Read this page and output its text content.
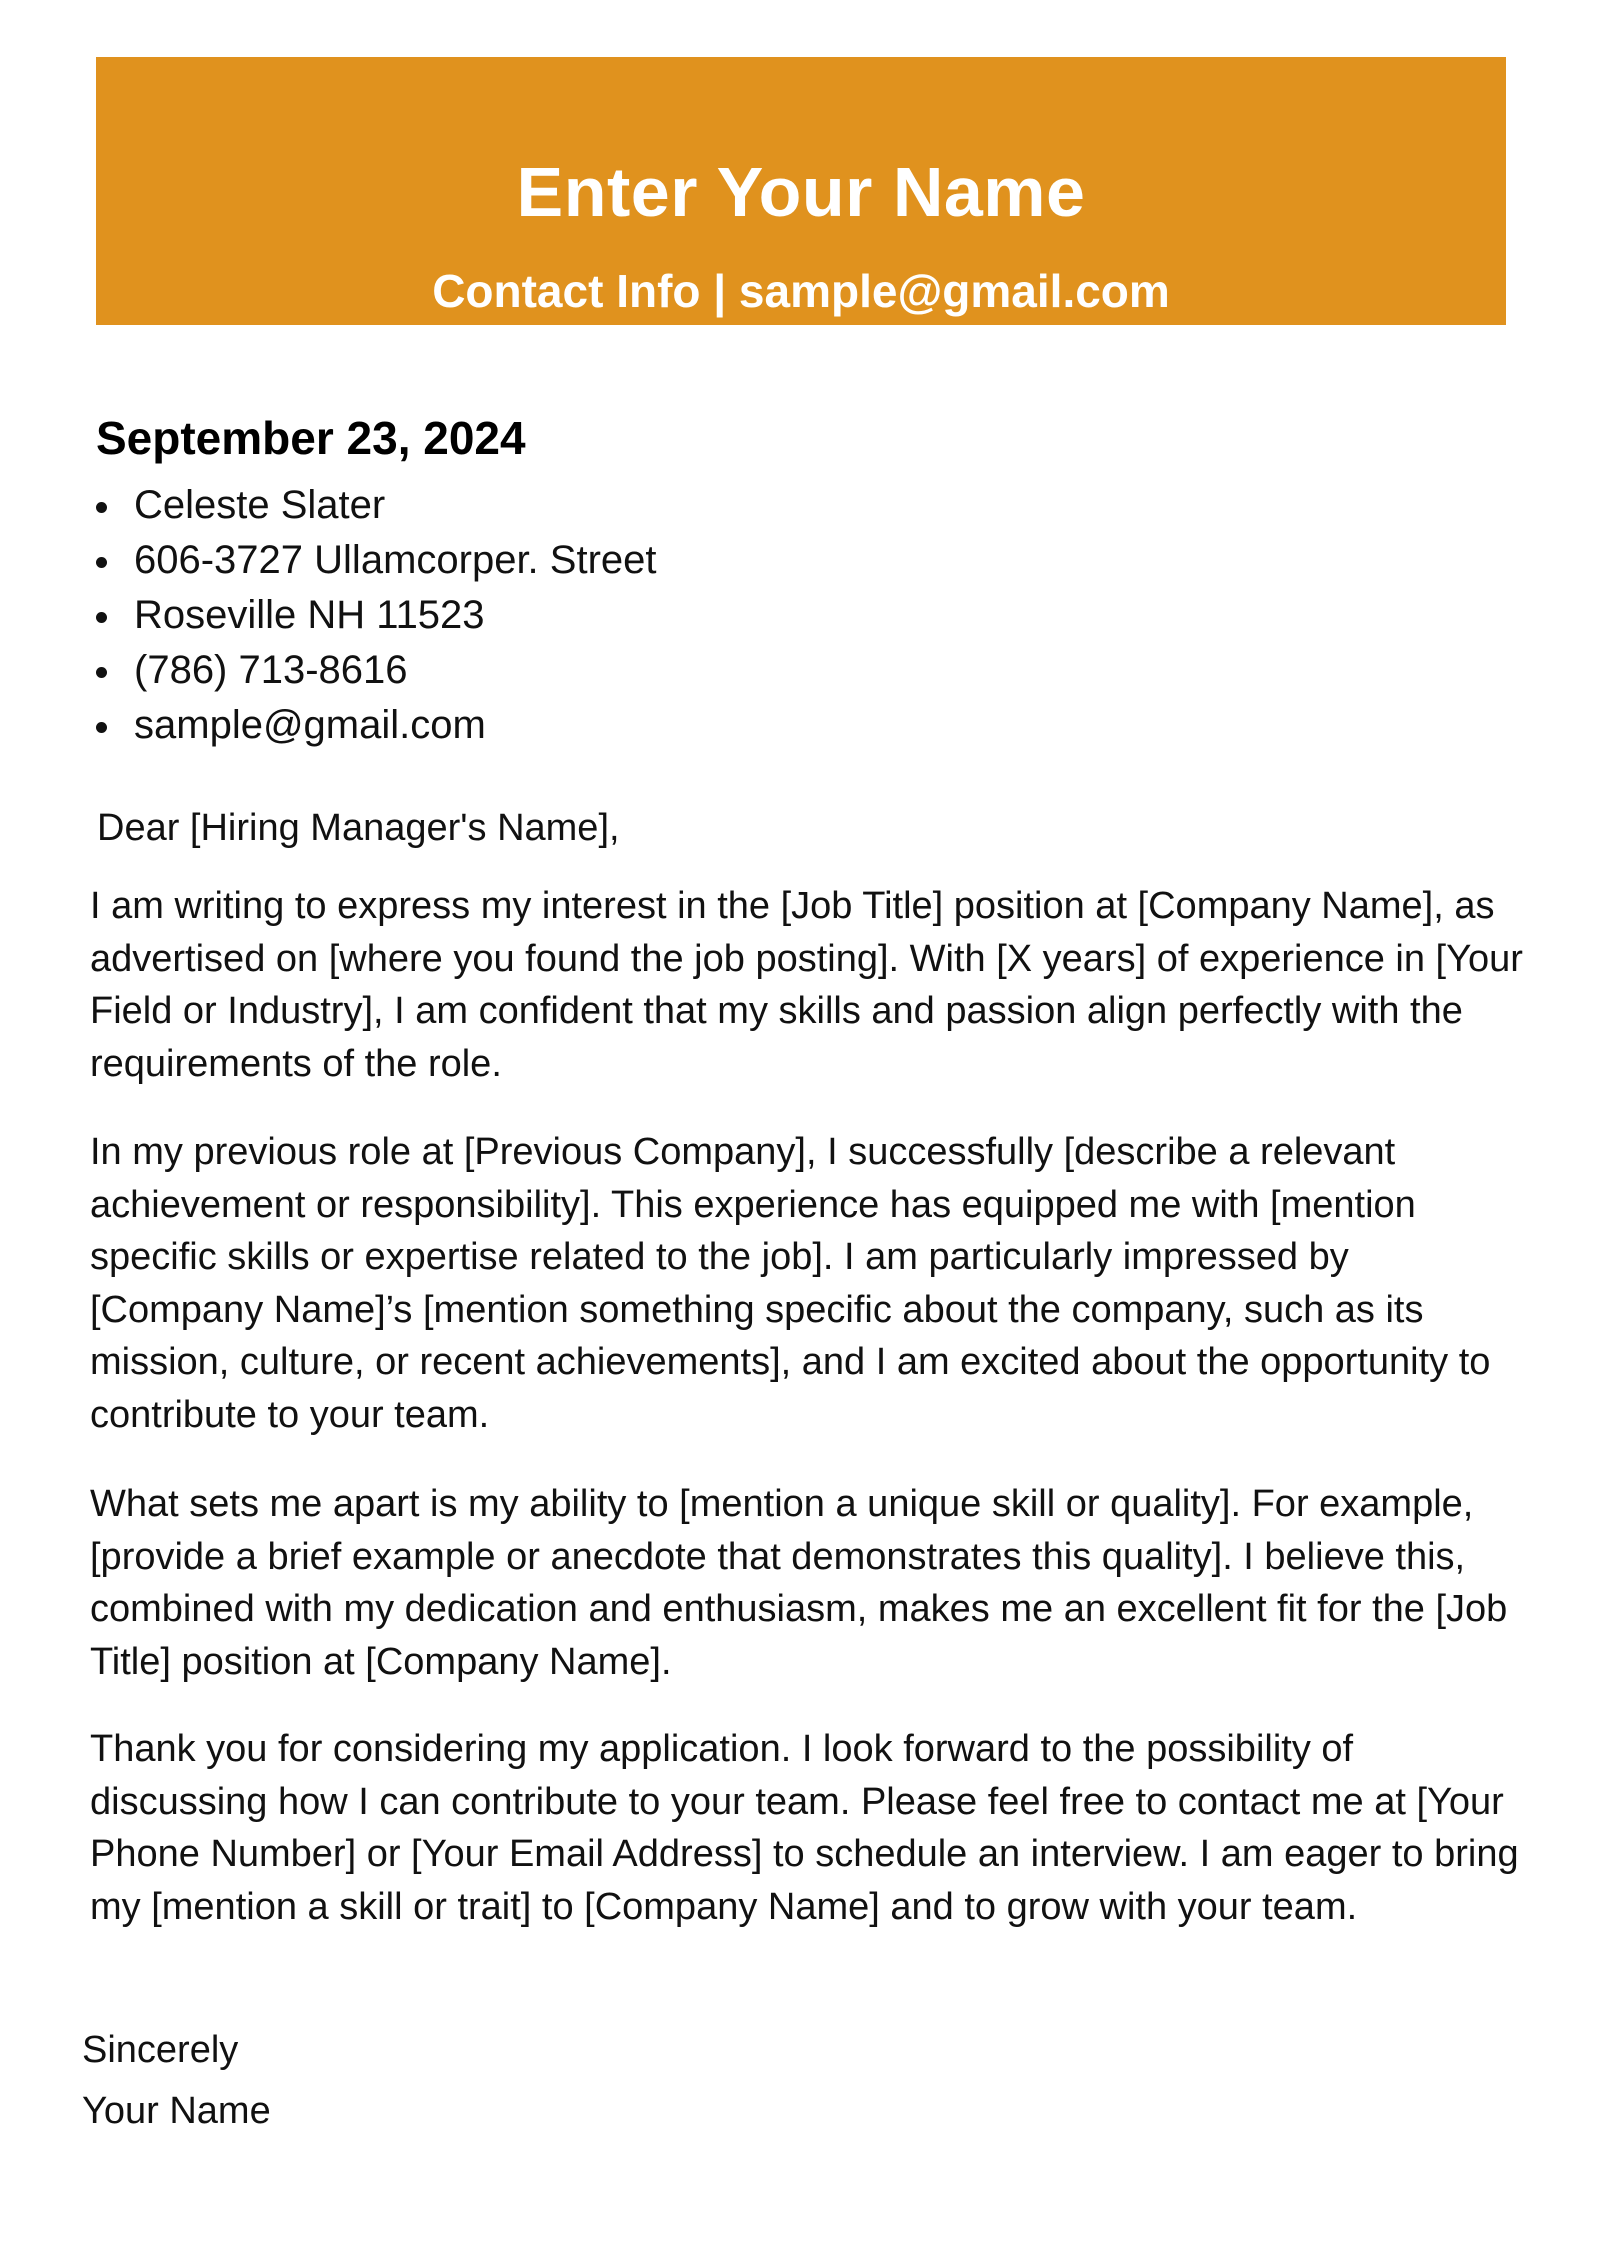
Enter Your Name
Contact Info | sample@gmail.com
September 23, 2024
Celeste Slater
606-3727 Ullamcorper. Street
Roseville NH 11523
(786) 713-8616
sample@gmail.com
Dear [Hiring Manager's Name],

I am writing to express my interest in the [Job Title] position at [Company Name], as advertised on [where you found the job posting]. With [X years] of experience in [Your Field or Industry], I am confident that my skills and passion align perfectly with the requirements of the role.

In my previous role at [Previous Company], I successfully [describe a relevant achievement or responsibility]. This experience has equipped me with [mention specific skills or expertise related to the job]. I am particularly impressed by [Company Name]’s [mention something specific about the company, such as its mission, culture, or recent achievements], and I am excited about the opportunity to contribute to your team.

What sets me apart is my ability to [mention a unique skill or quality]. For example, [provide a brief example or anecdote that demonstrates this quality]. I believe this, combined with my dedication and enthusiasm, makes me an excellent fit for the [Job Title] position at [Company Name].

Thank you for considering my application. I look forward to the possibility of discussing how I can contribute to your team. Please feel free to contact me at [Your Phone Number] or [Your Email Address] to schedule an interview. I am eager to bring my [mention a skill or trait] to [Company Name] and to grow with your team.

Sincerely
Your Name
